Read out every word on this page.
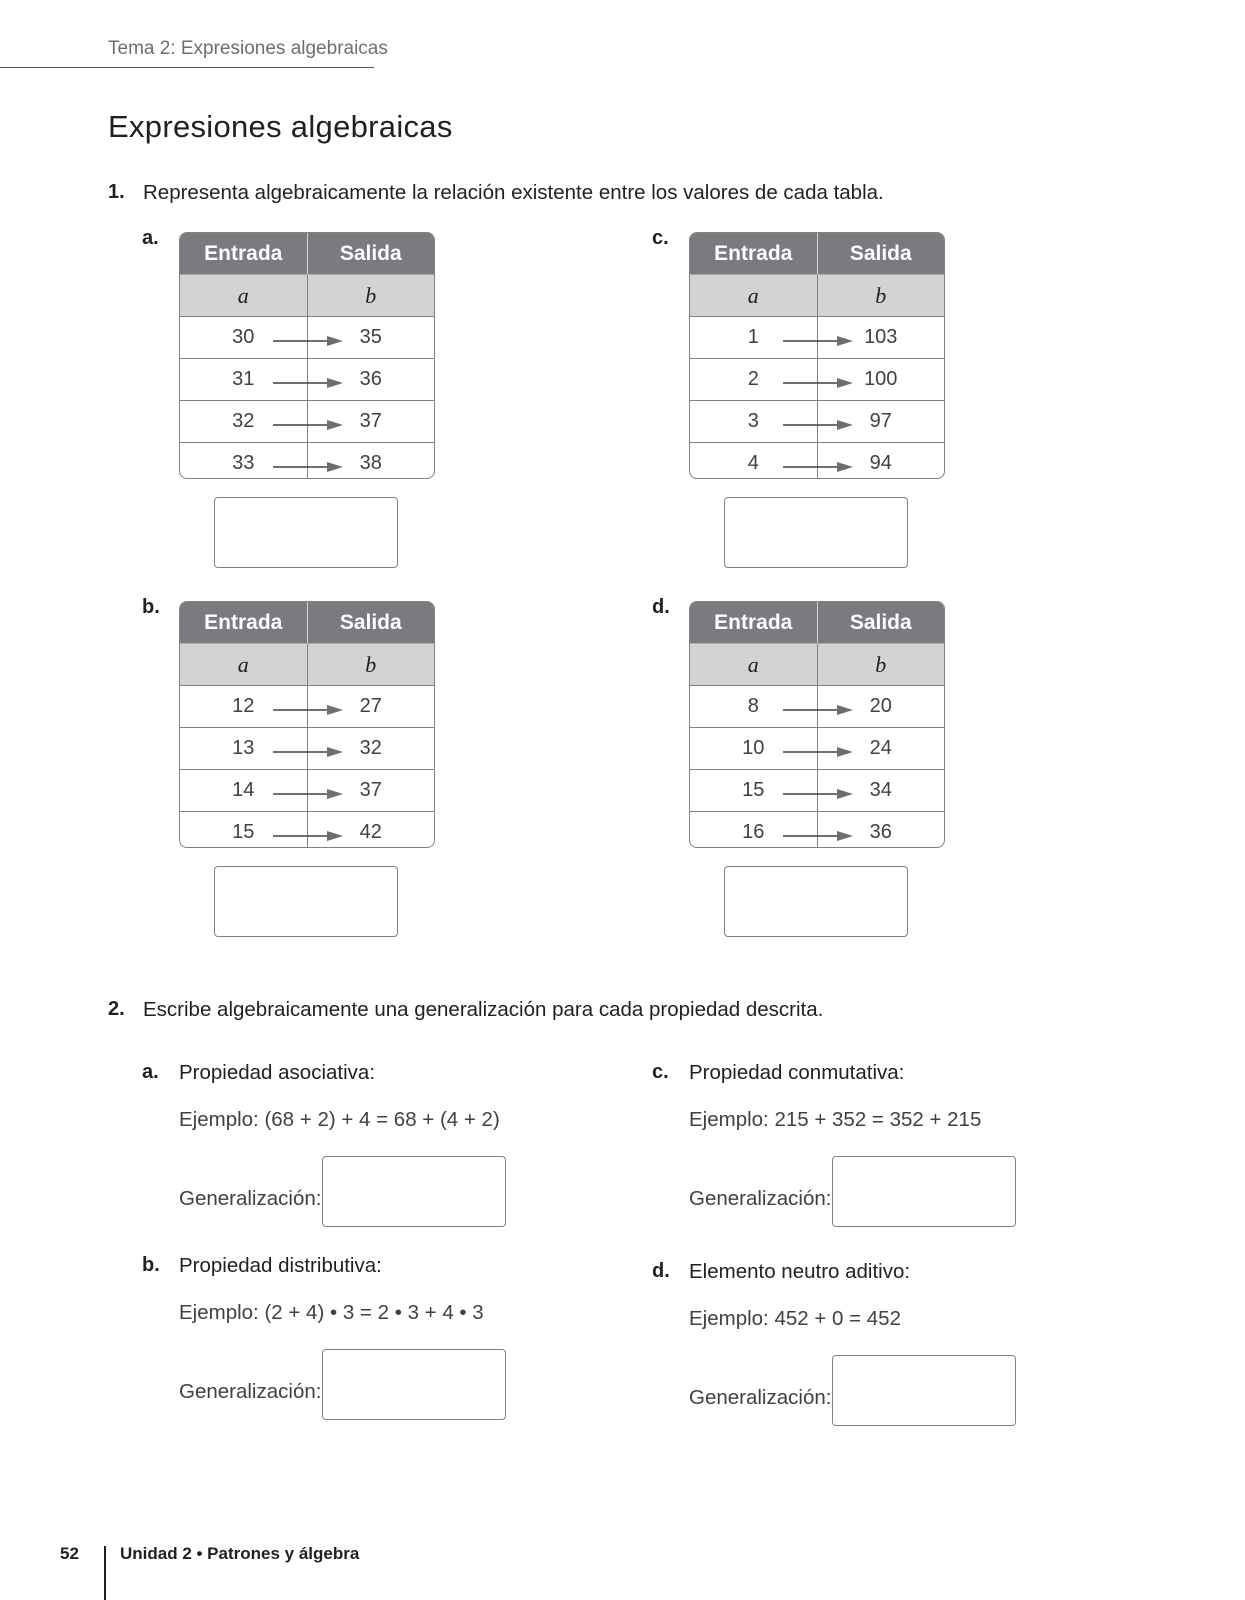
Tema 2: Expresiones algebraicas
Expresiones algebraicas
1. Representa algebraicamente la relación existente entre los valores de cada tabla.
a.
Entrada	Salida
a	b
30	35
31	36
32	37
33	38
b.
Entrada	Salida
a	b
12	27
13	32
14	37
15	42
c.
Entrada	Salida
a	b
1	103
2	100
3	97
4	94
d.
Entrada	Salida
a	b
8	20
10	24
15	34
16	36
2. Escribe algebraicamente una generalización para cada propiedad descrita.
a. Propiedad asociativa:
Ejemplo: (68 + 2) + 4 = 68 + (4 + 2)
Generalización:
b. Propiedad distributiva:
Ejemplo: (2 + 4) • 3 = 2 • 3 + 4 • 3
Generalización:
c. Propiedad conmutativa:
Ejemplo: 215 + 352 = 352 + 215
Generalización:
d. Elemento neutro aditivo:
Ejemplo: 452 + 0 = 452
Generalización:
52 Unidad 2 • Patrones y álgebra
